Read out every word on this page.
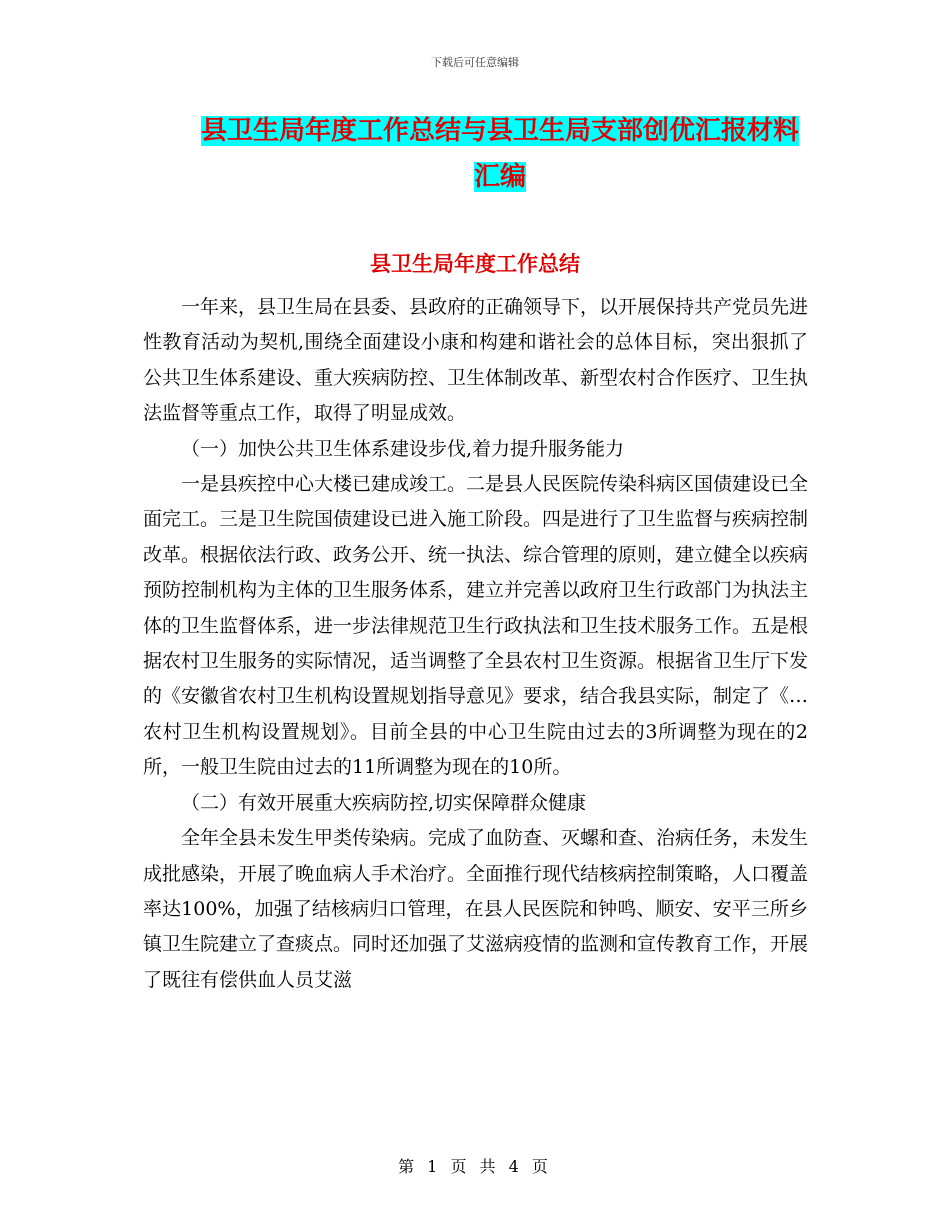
下载后可任意编辑
县卫生局年度工作总结与县卫生局支部创优汇报材料
汇编
县卫生局年度工作总结

一年来，县卫生局在县委、县政府的正确领导下，以开展保持共产党员先进性教育活动为契机,围绕全面建设小康和构建和谐社会的总体目标，突出狠抓了公共卫生体系建设、重大疾病防控、卫生体制改革、新型农村合作医疗、卫生执法监督等重点工作，取得了明显成效。

（一）加快公共卫生体系建设步伐,着力提升服务能力

一是县疾控中心大楼已建成竣工。二是县人民医院传染科病区国债建设已全面完工。三是卫生院国债建设已进入施工阶段。四是进行了卫生监督与疾病控制改革。根据依法行政、政务公开、统一执法、综合管理的原则，建立健全以疾病预防控制机构为主体的卫生服务体系，建立并完善以政府卫生行政部门为执法主体的卫生监督体系，进一步法律规范卫生行政执法和卫生技术服务工作。五是根据农村卫生服务的实际情况，适当调整了全县农村卫生资源。根据省卫生厅下发的《安徽省农村卫生机构设置规划指导意见》要求，结合我县实际，制定了《…农村卫生机构设置规划》。目前全县的中心卫生院由过去的3所调整为现在的2所，一般卫生院由过去的11所调整为现在的10所。

（二）有效开展重大疾病防控,切实保障群众健康

全年全县未发生甲类传染病。完成了血防查、灭螺和查、治病任务，未发生成批感染，开展了晚血病人手术治疗。全面推行现代结核病控制策略，人口覆盖率达100%，加强了结核病归口管理，在县人民医院和钟鸣、顺安、安平三所乡镇卫生院建立了查痰点。同时还加强了艾滋病疫情的监测和宣传教育工作，开展了既往有偿供血人员艾滋

第 1 页 共 4 页
